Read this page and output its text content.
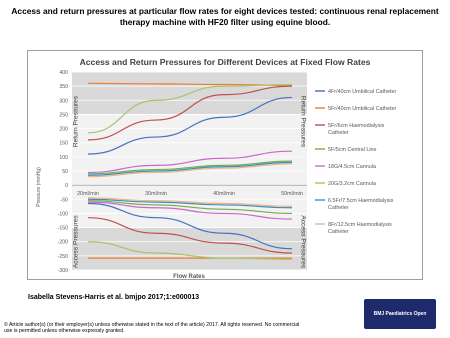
Access and return pressures at particular flow rates for eight devices tested: continuous renal replacement therapy machine with HF20 filter using equine blood.
Access and Return Pressures for Different Devices at Fixed Flow Rates
400
350
300
250
200
150
100
50
0
-50
-100
-150
-200
-250
-300
20ml/min	30ml/min	40ml/min	50ml/min
Return Pressures	Return Pressures
Access Pressures	Access Pressures
Flow Rates
Pressure (mmHg)
4Fr/40cm Umbilical Catheter
5Fr/40cm Umbilical Catheter
5Fr/6cm Haemodialysis Catheter
5F/5cm Central Line
18G/4.5cm Cannula
20G/3.2cm Cannula
6.5Fr/7.5cm Haemodialysis Catheter
8Fr/12.5cm Haemodialysis Catheter
Isabella Stevens-Harris et al. bmjpo 2017;1:e000013
© Article author(s) (or their employer(s) unless otherwise stated in the text of the article) 2017. All rights reserved. No commercial use is permitted unless otherwise expressly granted.
BMJ Paediatrics Open
